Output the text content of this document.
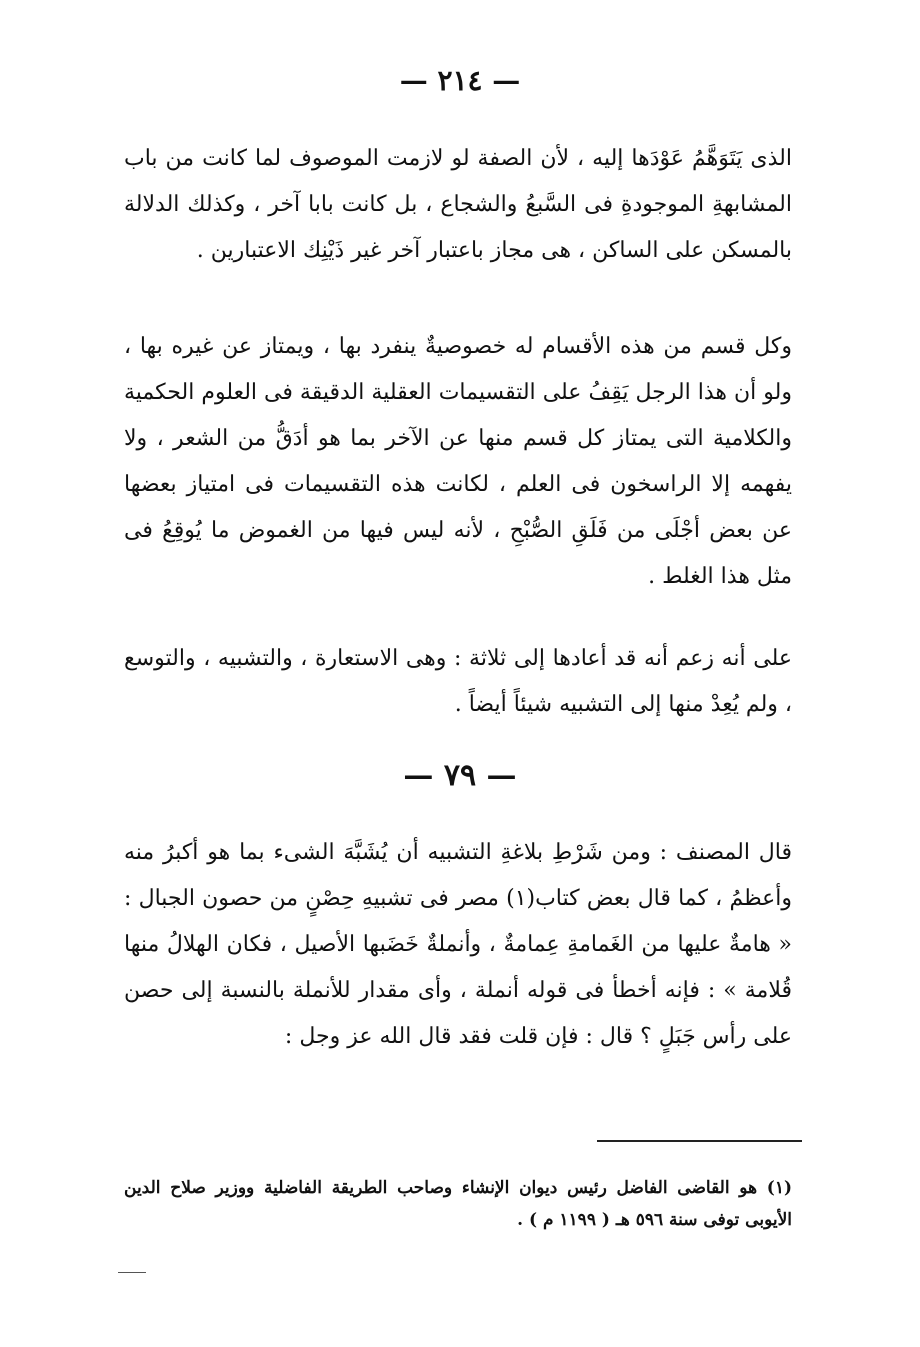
— ٢١٤ —

الذى يَتَوَهَّمُ عَوْدَها إليه ، لأن الصفة لو لازمت الموصوف لما كانت من باب المشابهةِ الموجودةِ فى السَّبعُ والشجاع ، بل كانت بابا آخر ، وكذلك الدلالة بالمسكن على الساكن ، هى مجاز باعتبار آخر غير ذَيْنِك الاعتبارين .

وكل قسم من هذه الأقسام له خصوصيةٌ ينفرد بها ، ويمتاز عن غيره بها ، ولو أن هذا الرجل يَقِفُ على التقسيمات العقلية الدقيقة فى العلوم الحكمية والكلامية التى يمتاز كل قسم منها عن الآخر بما هو أدَقُّ من الشعر ، ولا يفهمه إلا الراسخون فى العلم ، لكانت هذه التقسيمات فى امتياز بعضها عن بعض أجْلَى من فَلَقِ الصُّبْحِ ، لأنه ليس فيها من الغموض ما يُوقِعُ فى مثل هذا الغلط .

على أنه زعم أنه قد أعادها إلى ثلاثة : وهى الاستعارة ، والتشبيه ، والتوسع ، ولم يُعِدْ منها إلى التشبيه شيئاً أيضاً .

— ٧٩ —

قال المصنف : ومن شَرْطِ بلاغةِ التشبيه أن يُشَبَّهَ الشىء بما هو أكبرُ منه وأعظمُ ، كما قال بعض كتاب(١) مصر فى تشبيهِ حِصْنٍ من حصون الجبال : « هامةٌ عليها من الغَمامةِ عِمامةٌ ، وأنملةٌ خَضَبها الأصيل ، فكان الهلالُ منها قُلامة » : فإنه أخطأ فى قوله أنملة ، وأى مقدار للأنملة بالنسبة إلى حصن على رأس جَبَلٍ ؟ قال : فإن قلت فقد قال الله عز وجل :

(١) هو القاضى الفاضل رئيس ديوان الإنشاء وصاحب الطريقة الفاضلية ووزير صلاح الدين الأيوبى توفى سنة ٥٩٦ هـ ( ١١٩٩ م ) .
